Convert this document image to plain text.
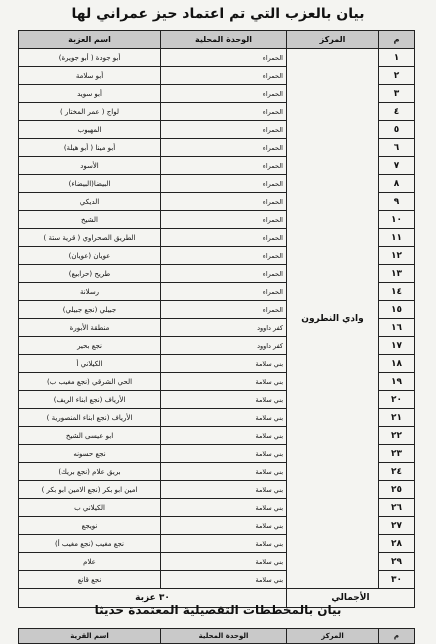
بيان بالعزب التي تم اعتماد حيز عمراني لها
م	المركز	الوحدة المحلية	اسم العزبة
١	وادي النطرون	الحمراء	أبو جودة ( أبو جويرة)
٢		الحمراء	أبو سلامة
٣		الحمراء	أبو سويد
٤		الحمراء	لواج ( عمر المختار )
٥		الحمراء	المهيوب
٦		الحمراء	أبو مينا ( أبو هيلة)
٧		الحمراء	الأسود
٨		الحمراء	البيضا(البيضاء)
٩		الحمراء	الديكي
١٠		الحمراء	الشيخ
١١		الحمراء	الطريق الصحراوي ( قرية ستة )
١٢		الحمراء	عويان (عويان)
١٣		الحمراء	طريح (حرابيع)
١٤		الحمراء	رسلانة
١٥		الحمراء	جبيلي (نجع جبيلي)
١٦		كفر داوود	منطقة الأبورة
١٧		كفر داوود	نجع بحير
١٨		بني سلامة	الكيلاني أ
١٩		بني سلامة	الحي الشرقي (نجع مغيب ب)
٢٠		بني سلامة	الأرياف (نجع ابناء الريف)
٢١		بني سلامة	الأرياف (نجع ابناء المنصورية )
٢٢		بني سلامة	ابو عيسى الشيخ
٢٣		بني سلامة	نجع حسونه
٢٤		بني سلامة	بريق علام (نجع بريك)
٢٥		بني سلامة	امين ابو بكر (نجع الامين ابو بكر )
٢٦		بني سلامة	الكيلاني ب
٢٧		بني سلامة	نويجع
٢٨		بني سلامة	نجع مغيب (نجع مغيب أ)
٢٩		بني سلامة	علام
٣٠		بني سلامة	نجع قانع
الأجمالي		٣٠ عزبة	
بيان بالمخططات التفصيلية المعتمدة حديثا
م	المركز	الوحدة المحلية	اسم القرية
